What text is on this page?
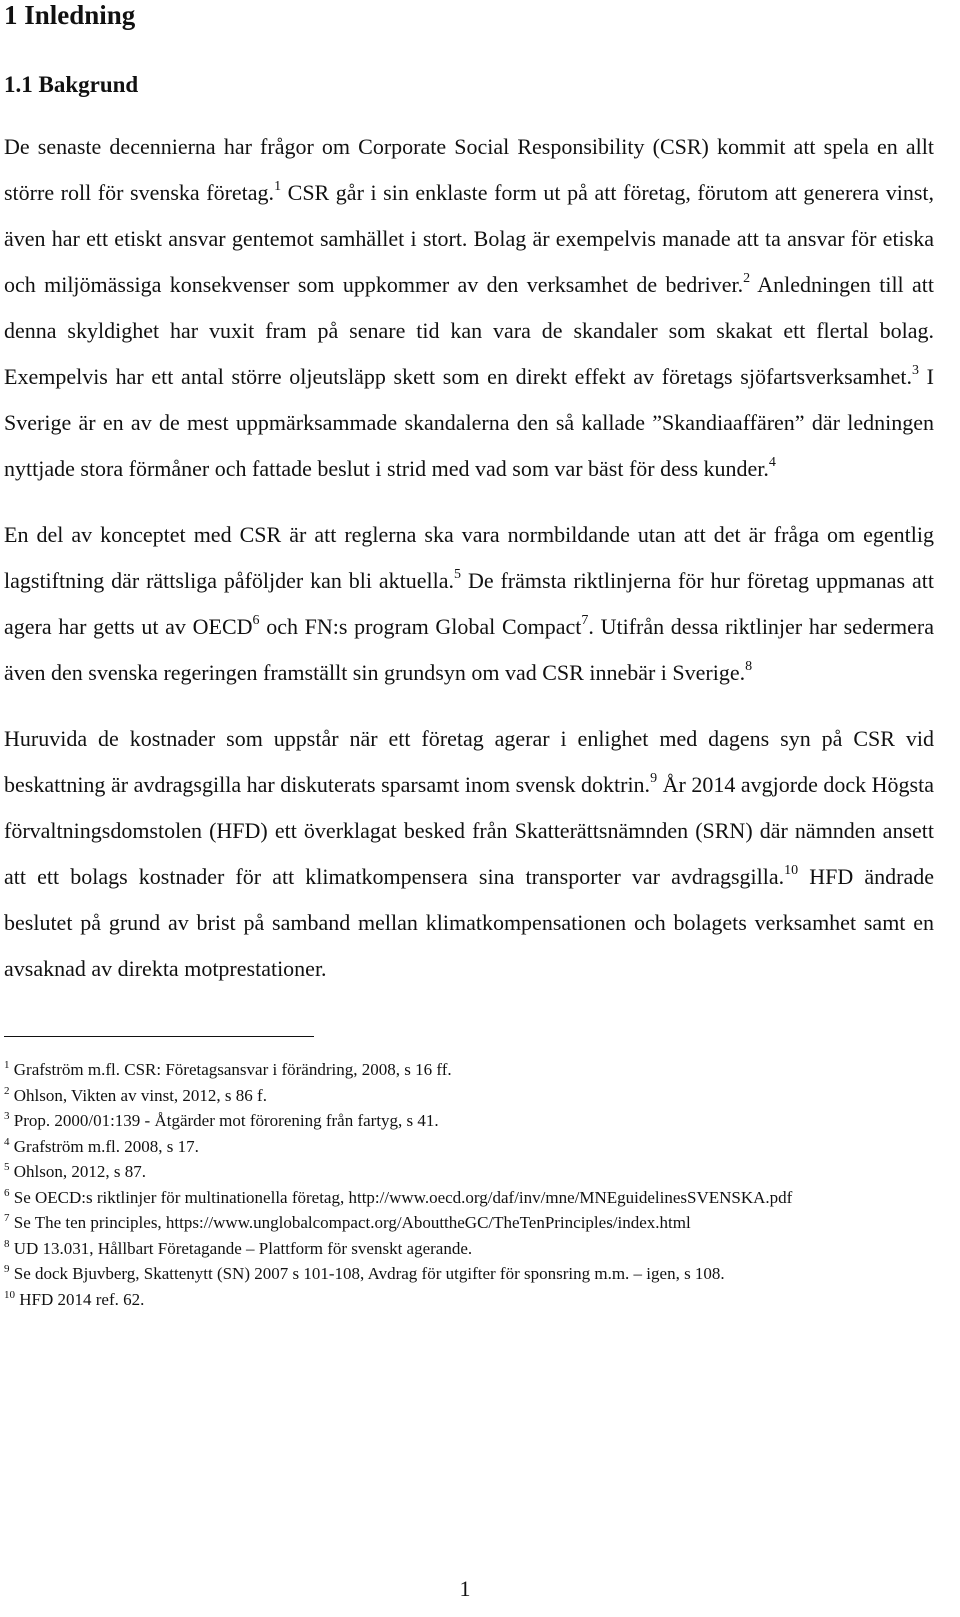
1 Inledning
1.1 Bakgrund

De senaste decennierna har frågor om Corporate Social Responsibility (CSR) kommit att spela en allt större roll för svenska företag.$^1$ CSR går i sin enklaste form ut på att företag, förutom att generera vinst, även har ett etiskt ansvar gentemot samhället i stort. Bolag är exempelvis manade att ta ansvar för etiska och miljömässiga konsekvenser som uppkommer av den verksamhet de bedriver.$^2$ Anledningen till att denna skyldighet har vuxit fram på senare tid kan vara de skandaler som skakat ett flertal bolag. Exempelvis har ett antal större oljeutsläpp skett som en direkt effekt av företags sjöfartsverksamhet.$^3$ I Sverige är en av de mest uppmärksammade skandalerna den så kallade ”Skandiaaffären” där ledningen nyttjade stora förmåner och fattade beslut i strid med vad som var bäst för dess kunder.$^4$

En del av konceptet med CSR är att reglerna ska vara normbildande utan att det är fråga om egentlig lagstiftning där rättsliga påföljder kan bli aktuella.$^5$ De främsta riktlinjerna för hur företag uppmanas att agera har getts ut av OECD$^6$ och FN:s program Global Compact$^7$. Utifrån dessa riktlinjer har sedermera även den svenska regeringen framställt sin grundsyn om vad CSR innebär i Sverige.$^8$

Huruvida de kostnader som uppstår när ett företag agerar i enlighet med dagens syn på CSR vid beskattning är avdragsgilla har diskuterats sparsamt inom svensk doktrin.$^9$ År 2014 avgjorde dock Högsta förvaltningsdomstolen (HFD) ett överklagat besked från Skatterättsnämnden (SRN) där nämnden ansett att ett bolags kostnader för att klimatkompensera sina transporter var avdragsgilla.$^{10}$ HFD ändrade beslutet på grund av brist på samband mellan klimatkompensationen och bolagets verksamhet samt en avsaknad av direkta motprestationer.

$^1$ Grafström m.fl. CSR: Företagsansvar i förändring, 2008, s 16 ff.
$^2$ Ohlson, Vikten av vinst, 2012, s 86 f.
$^3$ Prop. 2000/01:139 - Åtgärder mot förorening från fartyg, s 41.
$^4$ Grafström m.fl. 2008, s 17.
$^5$ Ohlson, 2012, s 87.
$^6$ Se OECD:s riktlinjer för multinationella företag, http://www.oecd.org/daf/inv/mne/MNEguidelinesSVENSKA.pdf
$^7$ Se The ten principles, https://www.unglobalcompact.org/AbouttheGC/TheTenPrinciples/index.html
$^8$ UD 13.031, Hållbart Företagande – Plattform för svenskt agerande.
$^9$ Se dock Bjuvberg, Skattenytt (SN) 2007 s 101-108, Avdrag för utgifter för sponsring m.m. – igen, s 108.
$^{10}$ HFD 2014 ref. 62.
1
